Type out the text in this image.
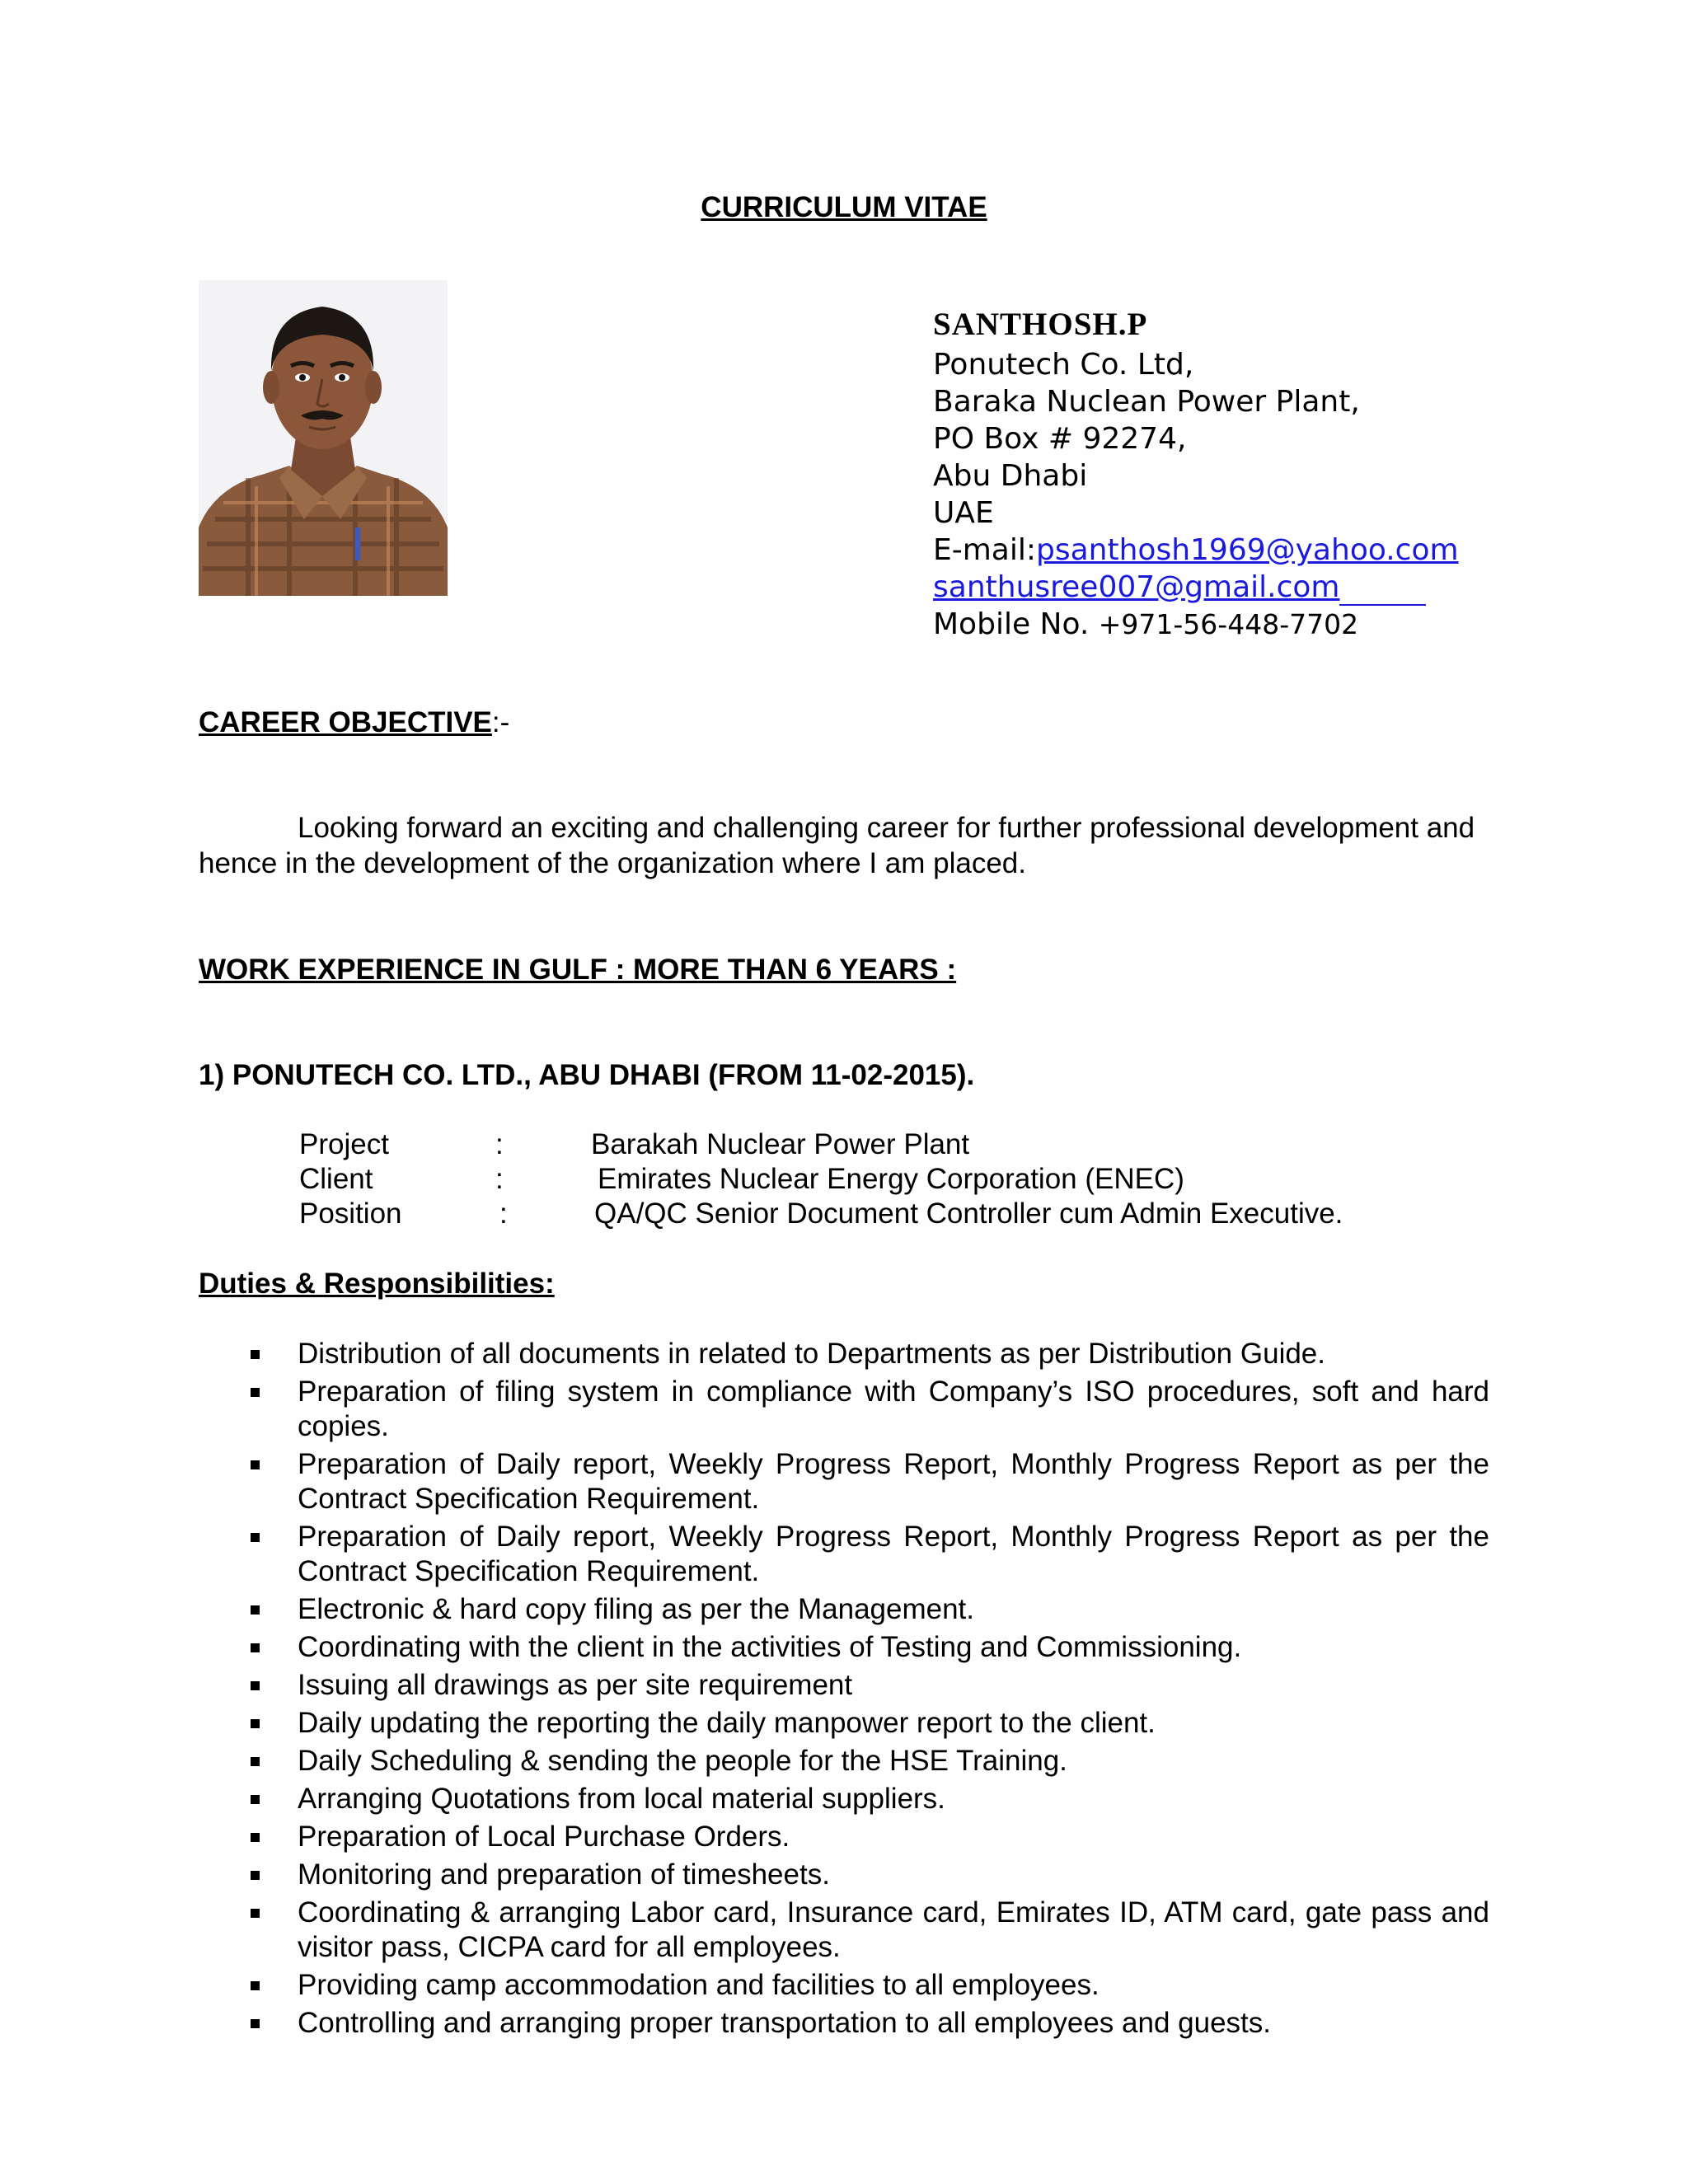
CURRICULUM VITAE
SANTHOSH.P
Ponutech Co. Ltd,
Baraka Nuclean Power Plant,
PO Box # 92274,
Abu Dhabi
UAE
E-mail:psanthosh1969@yahoo.com
santhusree007@gmail.com
Mobile No. +971-56-448-7702
CAREER OBJECTIVE:-
Looking forward an exciting and challenging career for further professional development and hence in the development of the organization where I am placed.
WORK EXPERIENCE IN GULF : MORE THAN 6 YEARS :
1) PONUTECH CO. LTD., ABU DHABI (FROM 11-02-2015).
Project	:	Barakah Nuclear Power Plant
Client	:	Emirates Nuclear Energy Corporation (ENEC)
Position	:	QA/QC Senior Document Controller cum Admin Executive.
Duties & Responsibilities:
Distribution of all documents in related to Departments as per Distribution Guide.
Preparation of filing system in compliance with Company’s ISO procedures, soft and hard copies.
Preparation of Daily report, Weekly Progress Report, Monthly Progress Report as per the Contract Specification Requirement.
Preparation of Daily report, Weekly Progress Report, Monthly Progress Report as per the Contract Specification Requirement.
Electronic & hard copy filing as per the Management.
Coordinating with the client in the activities of Testing and Commissioning.
Issuing all drawings as per site requirement
Daily updating the reporting the daily manpower report to the client.
Daily Scheduling & sending the people for the HSE Training.
Arranging Quotations from local material suppliers.
Preparation of Local Purchase Orders.
Monitoring and preparation of timesheets.
Coordinating & arranging Labor card, Insurance card, Emirates ID, ATM card, gate pass and visitor pass, CICPA card for all employees.
Providing camp accommodation and facilities to all employees.
Controlling and arranging proper transportation to all employees and guests.
